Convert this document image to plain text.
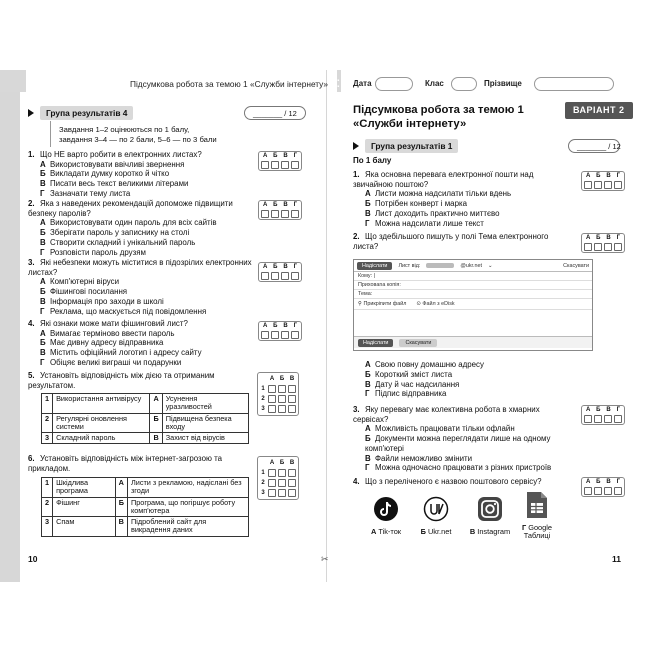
▪▪
▪▪
▪▪
▪▪
Підсумкова робота за темою 1 «Служби інтернету»	Дата	Клас	Прізвище
Група результатів 4	_______ / 12
Завдання 1–2 оцінюються по 1 балу,
завдання 3–4 — по 2 бали, 5–6 — по 3 бали
1. Що НЕ варто робити в електронних листах?
А Використовувати ввічливі звернення
Б Викладати думку коротко й чітко
В Писати весь текст великими літерами
Г Зазначати тему листа
А Б В Г
2. Яка з наведених рекомендацій допоможе підвищити безпеку паролів?
А Використовувати один пароль для всіх сайтів
Б Зберігати пароль у записнику на столі
В Створити складний і унікальний пароль
Г Розповісти пароль друзям
А Б В Г
3. Які небезпеки можуть міститися в підозрілих електронних листах?
А Комп'ютерні віруси
Б Фішингові посилання
В Інформація про заходи в школі
Г Реклама, що маскується під повідомлення
А Б В Г
4. Які ознаки може мати фішинговий лист?
А Вимагає терміново ввести пароль
Б Має дивну адресу відправника
В Містить офіційний логотип і адресу сайту
Г Обіцяє великі виграші чи подарунки
А Б В Г
5. Установіть відповідність між дією та отриманим результатом.
1	Використання антивірусу	А	Усунення уразливостей
2	Регулярні оновлення системи	Б	Підвищена безпека входу
3	Складний пароль	В	Захист від вірусів
А Б В
1
2
3
6. Установіть відповідність між інтернет-загрозою та прикладом.
1	Шкідлива програма	А	Листи з рекламою, надіслані без згоди
2	Фішинг	Б	Програма, що погіршує роботу комп'ютера
3	Спам	В	Підроблений сайт для викрадення даних
А Б В
1
2
3
10	✂
Підсумкова робота за темою 1
«Служби інтернету»
ВАРІАНТ 2
_______ / 12
Група результатів 1
По 1 балу
1. Яка основна перевага електронної пошти над звичайною поштою?
А Листи можна надсилати тільки вдень
Б Потрібен конверт і марка
В Лист доходить практично миттєво
Г Можна надсилати лише текст
А Б В Г
2. Що здебільшого пишуть у полі Тема електронного листа?
А Б В Г
Надіслати	Лист від:	@ukr.net ⌄	Скасувати
Кому: |
Приховana копія:
Тема:
⚲ Прикріпити файл ⊙ Файл з eDisk
Надіслати	Скасувати
А Свою повну домашню адресу
Б Короткий зміст листа
В Дату й час надсилання
Г Підпис відправника
3. Яку перевагу має колективна робота в хмарних сервісах?
А Можливість працювати тільки офлайн
Б Документи можна переглядати лише на одному комп'ютері
В Файли неможливо змінити
Г Можна одночасно працювати з різних пристроїв
А Б В Г
4. Що з переліченого є назвою поштового сервісу?	А Б В Г
А Tik-ток	Б Ukr.net	В Instagram	Г Google Таблиці
11
